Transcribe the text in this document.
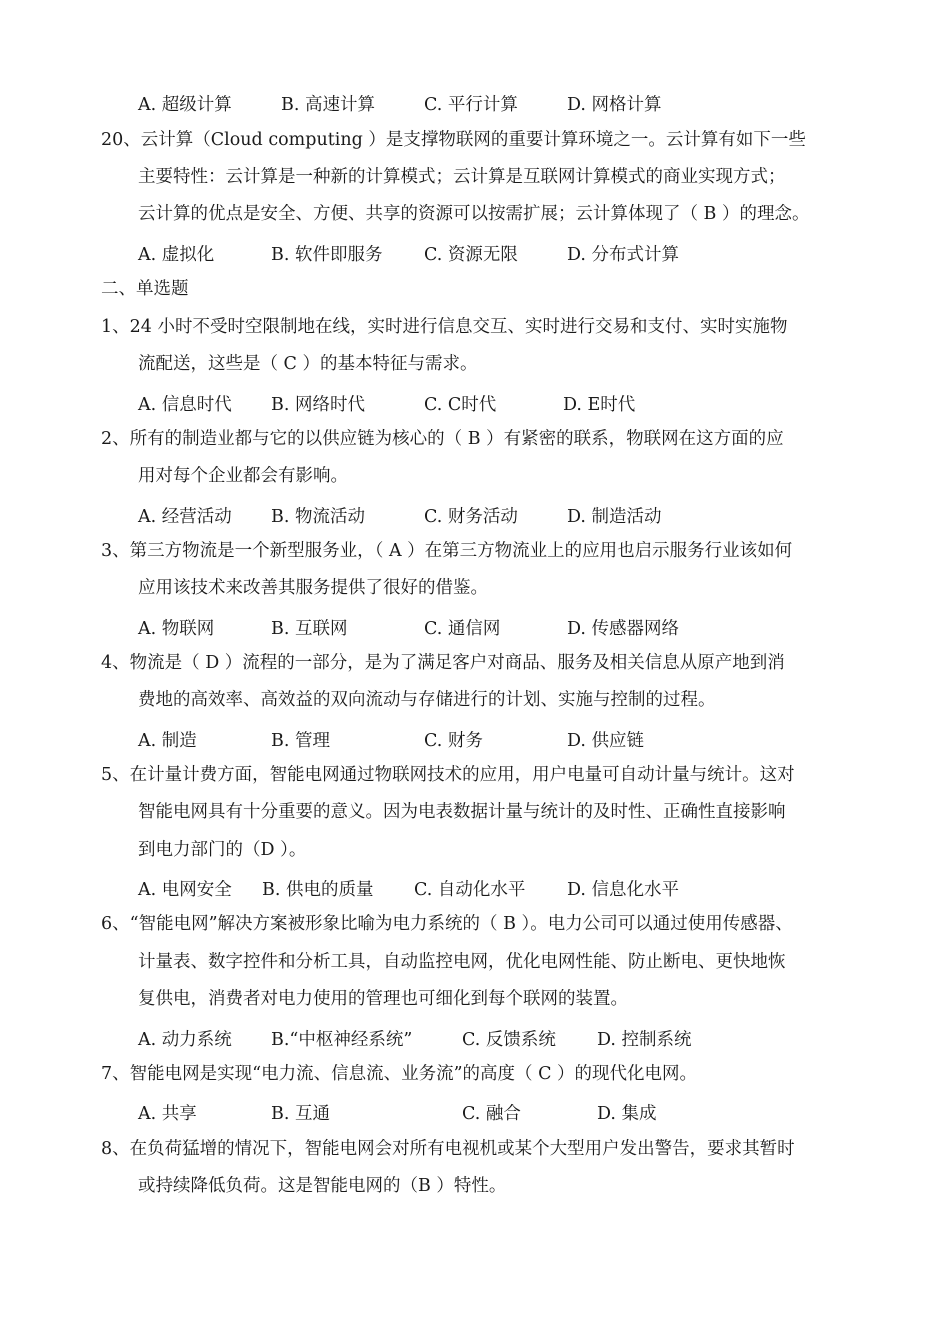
A. 超级计算	B. 高速计算	C. 平行计算	D. 网格计算
20、云计算（Cloud computing ）是支撑物联网的重要计算环境之一。云计算有如下一些
主要特性：云计算是一种新的计算模式；云计算是互联网计算模式的商业实现方式；
云计算的优点是安全、方便、共享的资源可以按需扩展；云计算体现了（ B ）的理念。
A. 虚拟化	B. 软件即服务 C. 资源无限	D. 分布式计算
二、单选题
1、24 小时不受时空限制地在线，实时进行信息交互、实时进行交易和支付、实时实施物
流配送，这些是（ C ）的基本特征与需求。
A. 信息时代 B. 网络时代	C. C时代	D. E时代
2、所有的制造业都与它的以供应链为核心的（ B ）有紧密的联系，物联网在这方面的应
用对每个企业都会有影响。
A. 经营活动 B. 物流活动	C. 财务活动	D. 制造活动
3、第三方物流是一个新型服务业，（ A ）在第三方物流业上的应用也启示服务行业该如何
应用该技术来改善其服务提供了很好的借鉴。
A. 物联网	B. 互联网	C. 通信网	D. 传感器网络
4、物流是（ D ）流程的一部分，是为了满足客户对商品、服务及相关信息从原产地到消
费地的高效率、高效益的双向流动与存储进行的计划、实施与控制的过程。
A. 制造	B. 管理	C. 财务	D. 供应链
5、在计量计费方面，智能电网通过物联网技术的应用，用户电量可自动计量与统计。这对
智能电网具有十分重要的意义。因为电表数据计量与统计的及时性、正确性直接影响
到电力部门的（D ）。
A. 电网安全 B. 供电的质量 C. 自动化水平 D. 信息化水平
6、“智能电网”解决方案被形象比喻为电力系统的（ B ）。电力公司可以通过使用传感器、
计量表、数字控件和分析工具，自动监控电网，优化电网性能、防止断电、更快地恢
复供电，消费者对电力使用的管理也可细化到每个联网的装置。
A. 动力系统 B.“中枢神经系统”	C. 反馈系统 D. 控制系统
7、智能电网是实现“电力流、信息流、业务流”的高度（ C ）的现代化电网。
A. 共享	B. 互通	C. 融合	D. 集成
8、在负荷猛增的情况下，智能电网会对所有电视机或某个大型用户发出警告，要求其暂时
或持续降低负荷。这是智能电网的（B ）特性。
